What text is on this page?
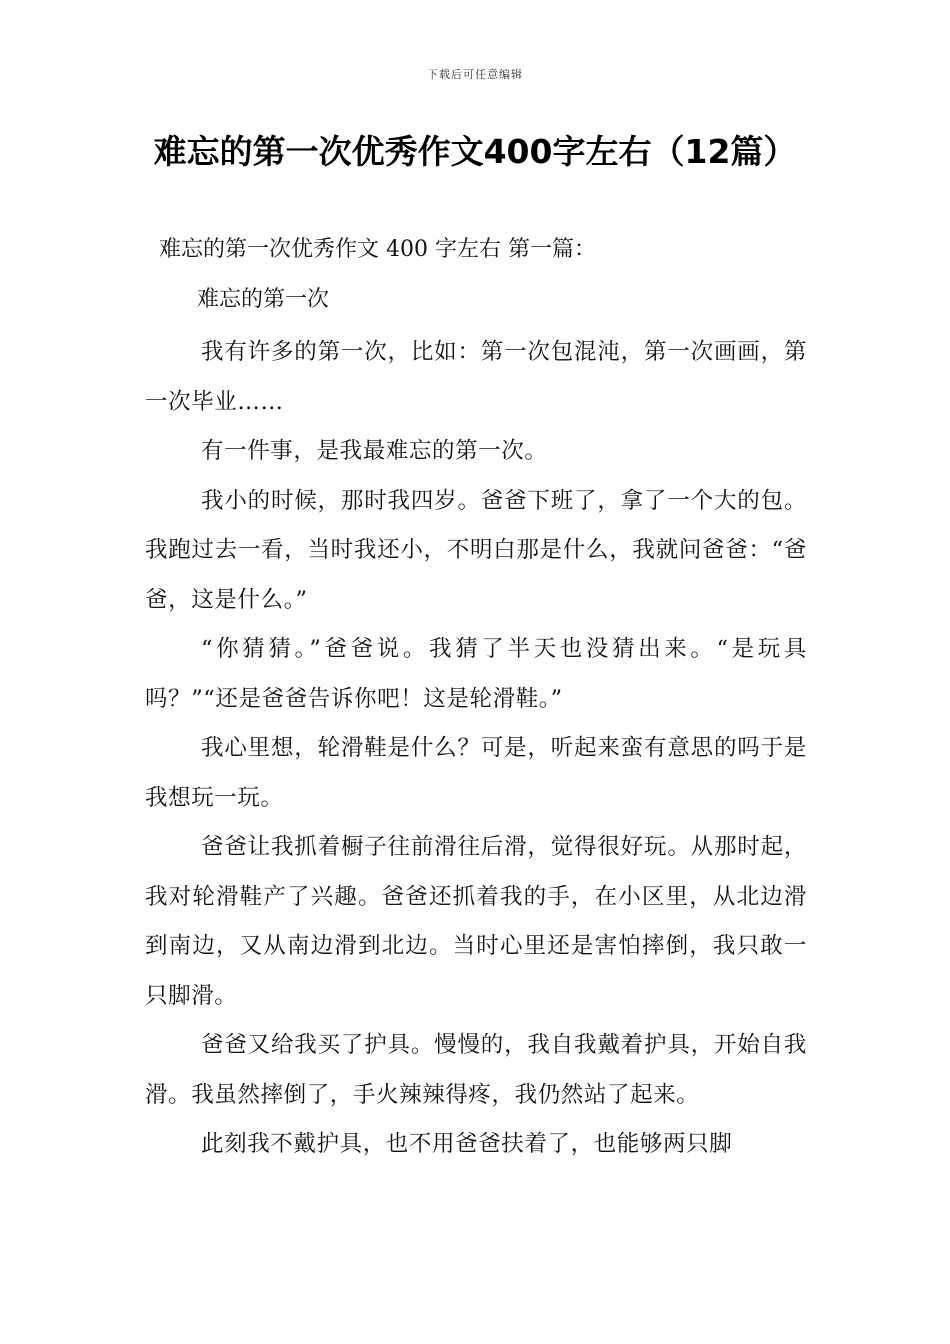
下载后可任意编辑
难忘的第一次优秀作文400字左右（12篇）

难忘的第一次优秀作文 400 字左右 第一篇：

难忘的第一次

我有许多的第一次，比如：第一次包混沌，第一次画画，第一次毕业……

有一件事，是我最难忘的第一次。

我小的时候，那时我四岁。爸爸下班了，拿了一个大的包。我跑过去一看，当时我还小，不明白那是什么，我就问爸爸：“爸爸，这是什么。”

“你猜猜。”爸爸说。我猜了半天也没猜出来。“是玩具吗？”“还是爸爸告诉你吧！这是轮滑鞋。”

我心里想，轮滑鞋是什么？可是，听起来蛮有意思的吗于是我想玩一玩。

爸爸让我抓着橱子往前滑往后滑，觉得很好玩。从那时起，我对轮滑鞋产了兴趣。爸爸还抓着我的手，在小区里，从北边滑到南边，又从南边滑到北边。当时心里还是害怕摔倒，我只敢一只脚滑。

爸爸又给我买了护具。慢慢的，我自我戴着护具，开始自我滑。我虽然摔倒了，手火辣辣得疼，我仍然站了起来。

此刻我不戴护具，也不用爸爸扶着了，也能够两只脚
